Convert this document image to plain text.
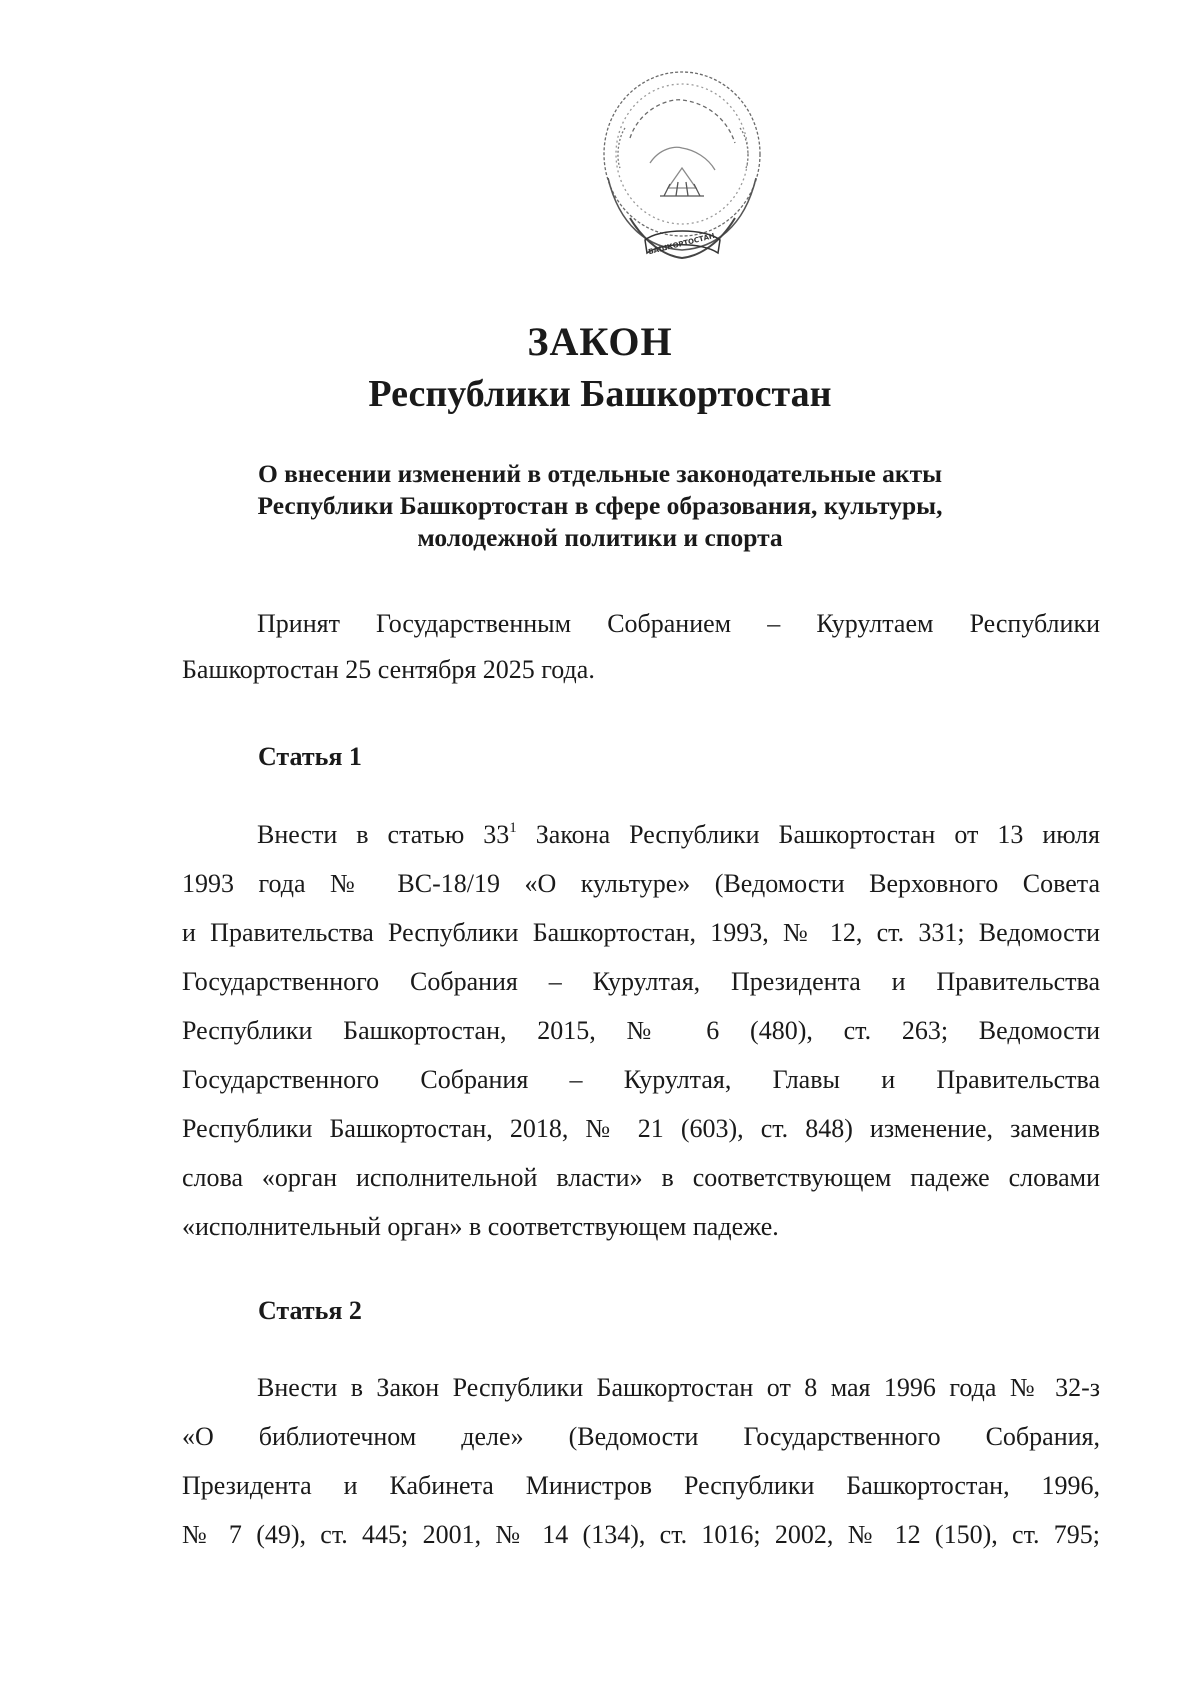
БАШКОРТОСТАН
ЗАКОН
Республики Башкортостан
О внесении изменений в отдельные законодательные акты
Республики Башкортостан в сфере образования, культуры,
молодежной политики и спорта
Принят Государственным Собранием – Курултаем Республики
Башкортостан 25 сентября 2025 года.
Статья 1
Внести в статью $33^1$ Закона Республики Башкортостан от 13 июля
1993 года № ВС-18/19 «О культуре» (Ведомости Верховного Совета
и Правительства Республики Башкортостан, 1993, № 12, ст. 331; Ведомости
Государственного Собрания – Курултая, Президента и Правительства
Республики Башкортостан, 2015, № 6 (480), ст. 263; Ведомости
Государственного Собрания – Курултая, Главы и Правительства
Республики Башкортостан, 2018, № 21 (603), ст. 848) изменение, заменив
слова «орган исполнительной власти» в соответствующем падеже словами
«исполнительный орган» в соответствующем падеже.
Статья 2
Внести в Закон Республики Башкортостан от 8 мая 1996 года № 32-з
«О библиотечном деле» (Ведомости Государственного Собрания,
Президента и Кабинета Министров Республики Башкортостан, 1996,
№ 7 (49), ст. 445; 2001, № 14 (134), ст. 1016; 2002, № 12 (150), ст. 795;
